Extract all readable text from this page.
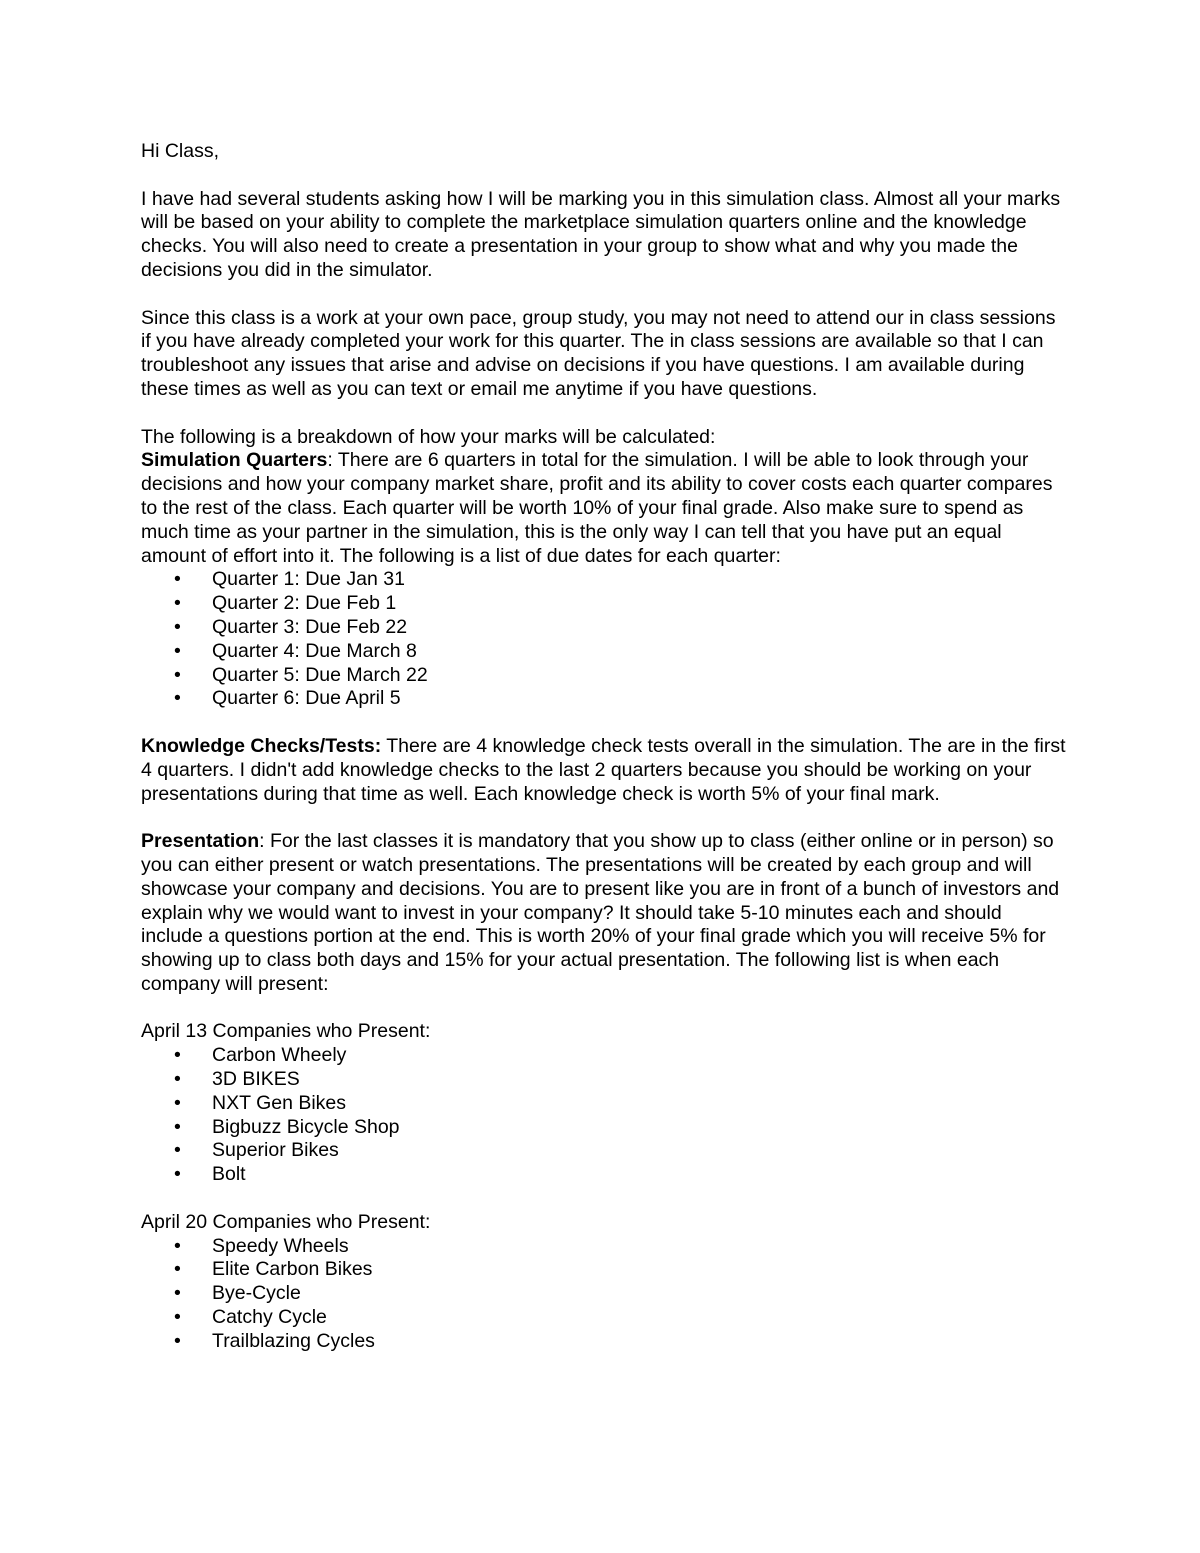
Hi Class,

I have had several students asking how I will be marking you in this simulation class. Almost all your marks will be based on your ability to complete the marketplace simulation quarters online and the knowledge checks. You will also need to create a presentation in your group to show what and why you made the decisions you did in the simulator.

Since this class is a work at your own pace, group study, you may not need to attend our in class sessions if you have already completed your work for this quarter. The in class sessions are available so that I can troubleshoot any issues that arise and advise on decisions if you have questions. I am available during these times as well as you can text or email me anytime if you have questions.

The following is a breakdown of how your marks will be calculated:

Simulation Quarters: There are 6 quarters in total for the simulation. I will be able to look through your decisions and how your company market share, profit and its ability to cover costs each quarter compares to the rest of the class. Each quarter will be worth 10% of your final grade. Also make sure to spend as much time as your partner in the simulation, this is the only way I can tell that you have put an equal amount of effort into it. The following is a list of due dates for each quarter:

• Quarter 1: Due Jan 31
• Quarter 2: Due Feb 1
• Quarter 3: Due Feb 22
• Quarter 4: Due March 8
• Quarter 5: Due March 22
• Quarter 6: Due April 5

Knowledge Checks/Tests: There are 4 knowledge check tests overall in the simulation. The are in the first 4 quarters. I didn't add knowledge checks to the last 2 quarters because you should be working on your presentations during that time as well. Each knowledge check is worth 5% of your final mark.

Presentation: For the last classes it is mandatory that you show up to class (either online or in person) so you can either present or watch presentations. The presentations will be created by each group and will showcase your company and decisions. You are to present like you are in front of a bunch of investors and explain why we would want to invest in your company? It should take 5-10 minutes each and should include a questions portion at the end. This is worth 20% of your final grade which you will receive 5% for showing up to class both days and 15% for your actual presentation. The following list is when each company will present:

April 13 Companies who Present:

• Carbon Wheely
• 3D BIKES
• NXT Gen Bikes
• Bigbuzz Bicycle Shop
• Superior Bikes
• Bolt

April 20 Companies who Present:

• Speedy Wheels
• Elite Carbon Bikes
• Bye-Cycle
• Catchy Cycle
• Trailblazing Cycles
